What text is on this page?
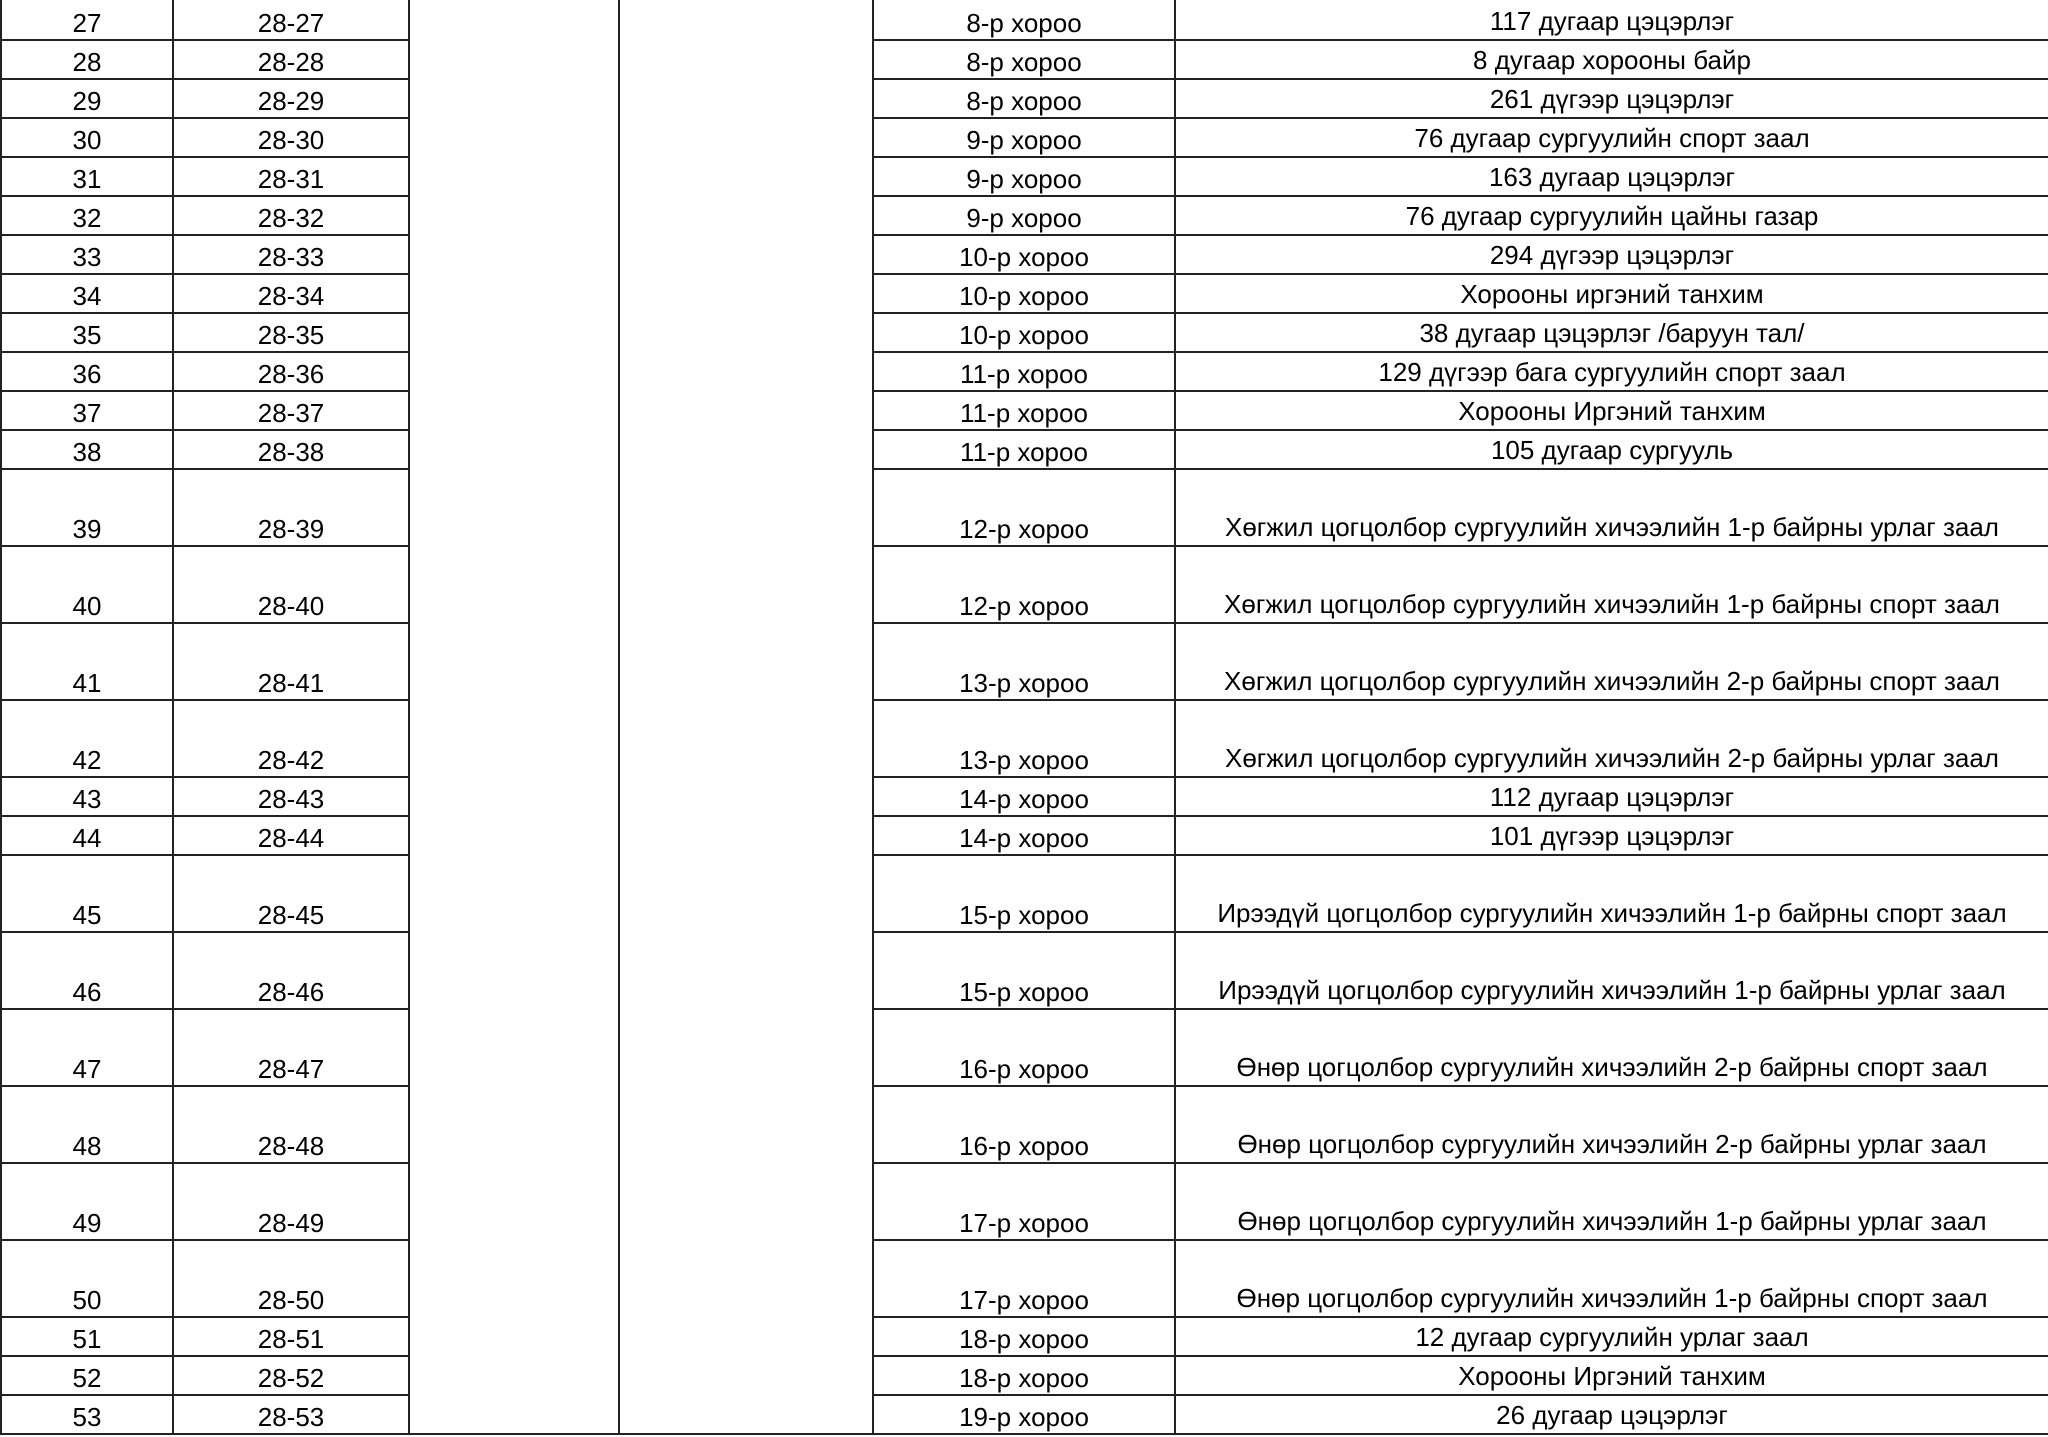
27	28-27			8-р хороо	117 дугаар цэцэрлэг
28	28-28			8-р хороо	8 дугаар хорооны байр
29	28-29			8-р хороо	261 дүгээр цэцэрлэг
30	28-30			9-р хороо	76 дугаар сургуулийн спорт заал
31	28-31			9-р хороо	163 дугаар цэцэрлэг
32	28-32			9-р хороо	76 дугаар сургуулийн цайны газар
33	28-33			10-р хороо	294 дүгээр цэцэрлэг
34	28-34			10-р хороо	Хорооны иргэний танхим
35	28-35			10-р хороо	38 дугаар цэцэрлэг /баруун тал/
36	28-36			11-р хороо	129 дүгээр бага сургуулийн спорт заал
37	28-37			11-р хороо	Хорооны Иргэний танхим
38	28-38			11-р хороо	105 дугаар сургууль
39	28-39			12-р хороо	Хөгжил цогцолбор сургуулийн хичээлийн 1-р байрны урлаг заал
40	28-40			12-р хороо	Хөгжил цогцолбор сургуулийн хичээлийн 1-р байрны спорт заал
41	28-41			13-р хороо	Хөгжил цогцолбор сургуулийн хичээлийн 2-р байрны спорт заал
42	28-42			13-р хороо	Хөгжил цогцолбор сургуулийн хичээлийн 2-р байрны урлаг заал
43	28-43			14-р хороо	112 дугаар цэцэрлэг
44	28-44			14-р хороо	101 дүгээр цэцэрлэг
45	28-45			15-р хороо	Ирээдүй цогцолбор сургуулийн хичээлийн 1-р байрны спорт заал
46	28-46			15-р хороо	Ирээдүй цогцолбор сургуулийн хичээлийн 1-р байрны урлаг заал
47	28-47			16-р хороо	Өнөр цогцолбор сургуулийн хичээлийн 2-р байрны спорт заал
48	28-48			16-р хороо	Өнөр цогцолбор сургуулийн хичээлийн 2-р байрны урлаг заал
49	28-49			17-р хороо	Өнөр цогцолбор сургуулийн хичээлийн 1-р байрны урлаг заал
50	28-50			17-р хороо	Өнөр цогцолбор сургуулийн хичээлийн 1-р байрны спорт заал
51	28-51			18-р хороо	12 дугаар сургуулийн урлаг заал
52	28-52			18-р хороо	Хорооны Иргэний танхим
53	28-53			19-р хороо	26 дугаар цэцэрлэг
